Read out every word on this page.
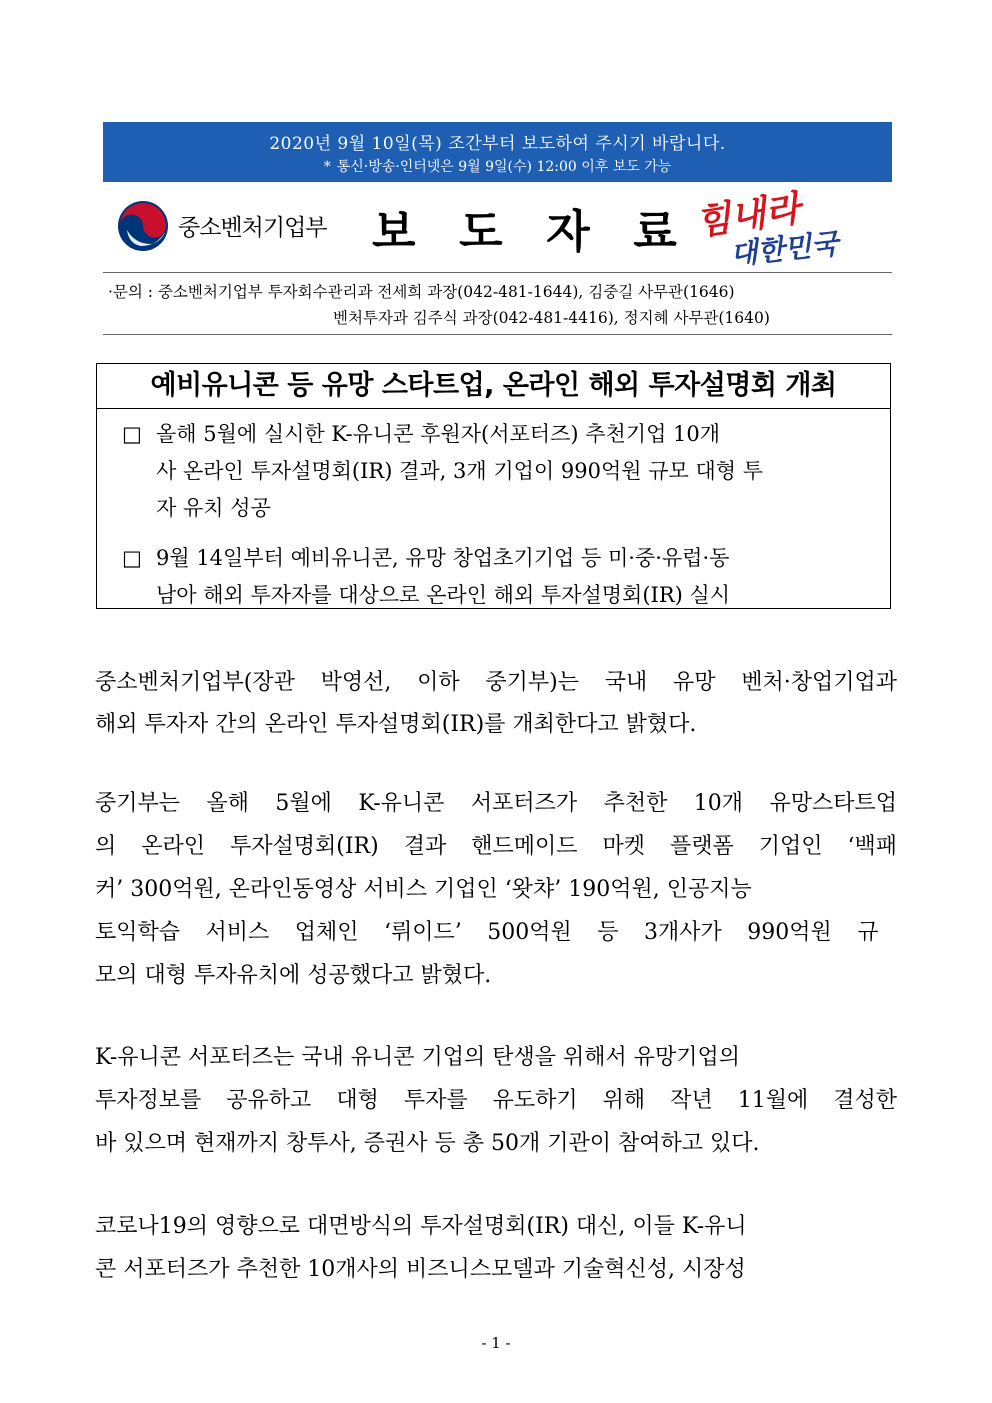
2020년 9월 10일(목) 조간부터 보도하여 주시기 바랍니다.
* 통신·방송·인터넷은 9월 9일(수) 12:00 이후 보도 가능
중소벤처기업부 보 도 자 료 힘내라
대한민국
·문의 : 중소벤처기업부 투자회수관리과 전세희 과장(042-481-1644), 김중길 사무관(1646)
벤처투자과 김주식 과장(042-481-4416), 정지혜 사무관(1640)
예비유니콘 등 유망 스타트업, 온라인 해외 투자설명회 개최
□ 올해 5월에 실시한 K-유니콘 후원자(서포터즈) 추천기업 10개
사 온라인 투자설명회(IR) 결과, 3개 기업이 990억원 규모 대형 투
자 유치 성공
□ 9월 14일부터 예비유니콘, 유망 창업초기기업 등 미·중·유럽·동
남아 해외 투자자를 대상으로 온라인 해외 투자설명회(IR) 실시
중소벤처기업부(장관 박영선, 이하 중기부)는 국내 유망 벤처·창업기업과
해외 투자자 간의 온라인 투자설명회(IR)를 개최한다고 밝혔다.
중기부는 올해 5월에 K-유니콘 서포터즈가 추천한 10개 유망스타트업
의 온라인 투자설명회(IR) 결과 핸드메이드 마켓 플랫폼 기업인 ‘백패
커’ 300억원, 온라인동영상 서비스 기업인 ‘왓챠’ 190억원, 인공지능
토익학습 서비스 업체인 ‘뤼이드’ 500억원 등 3개사가 990억원 규
모의 대형 투자유치에 성공했다고 밝혔다.
K-유니콘 서포터즈는 국내 유니콘 기업의 탄생을 위해서 유망기업의
투자정보를 공유하고 대형 투자를 유도하기 위해 작년 11월에 결성한
바 있으며 현재까지 창투사, 증권사 등 총 50개 기관이 참여하고 있다.
코로나19의 영향으로 대면방식의 투자설명회(IR) 대신, 이들 K-유니
콘 서포터즈가 추천한 10개사의 비즈니스모델과 기술혁신성, 시장성
- 1 -
